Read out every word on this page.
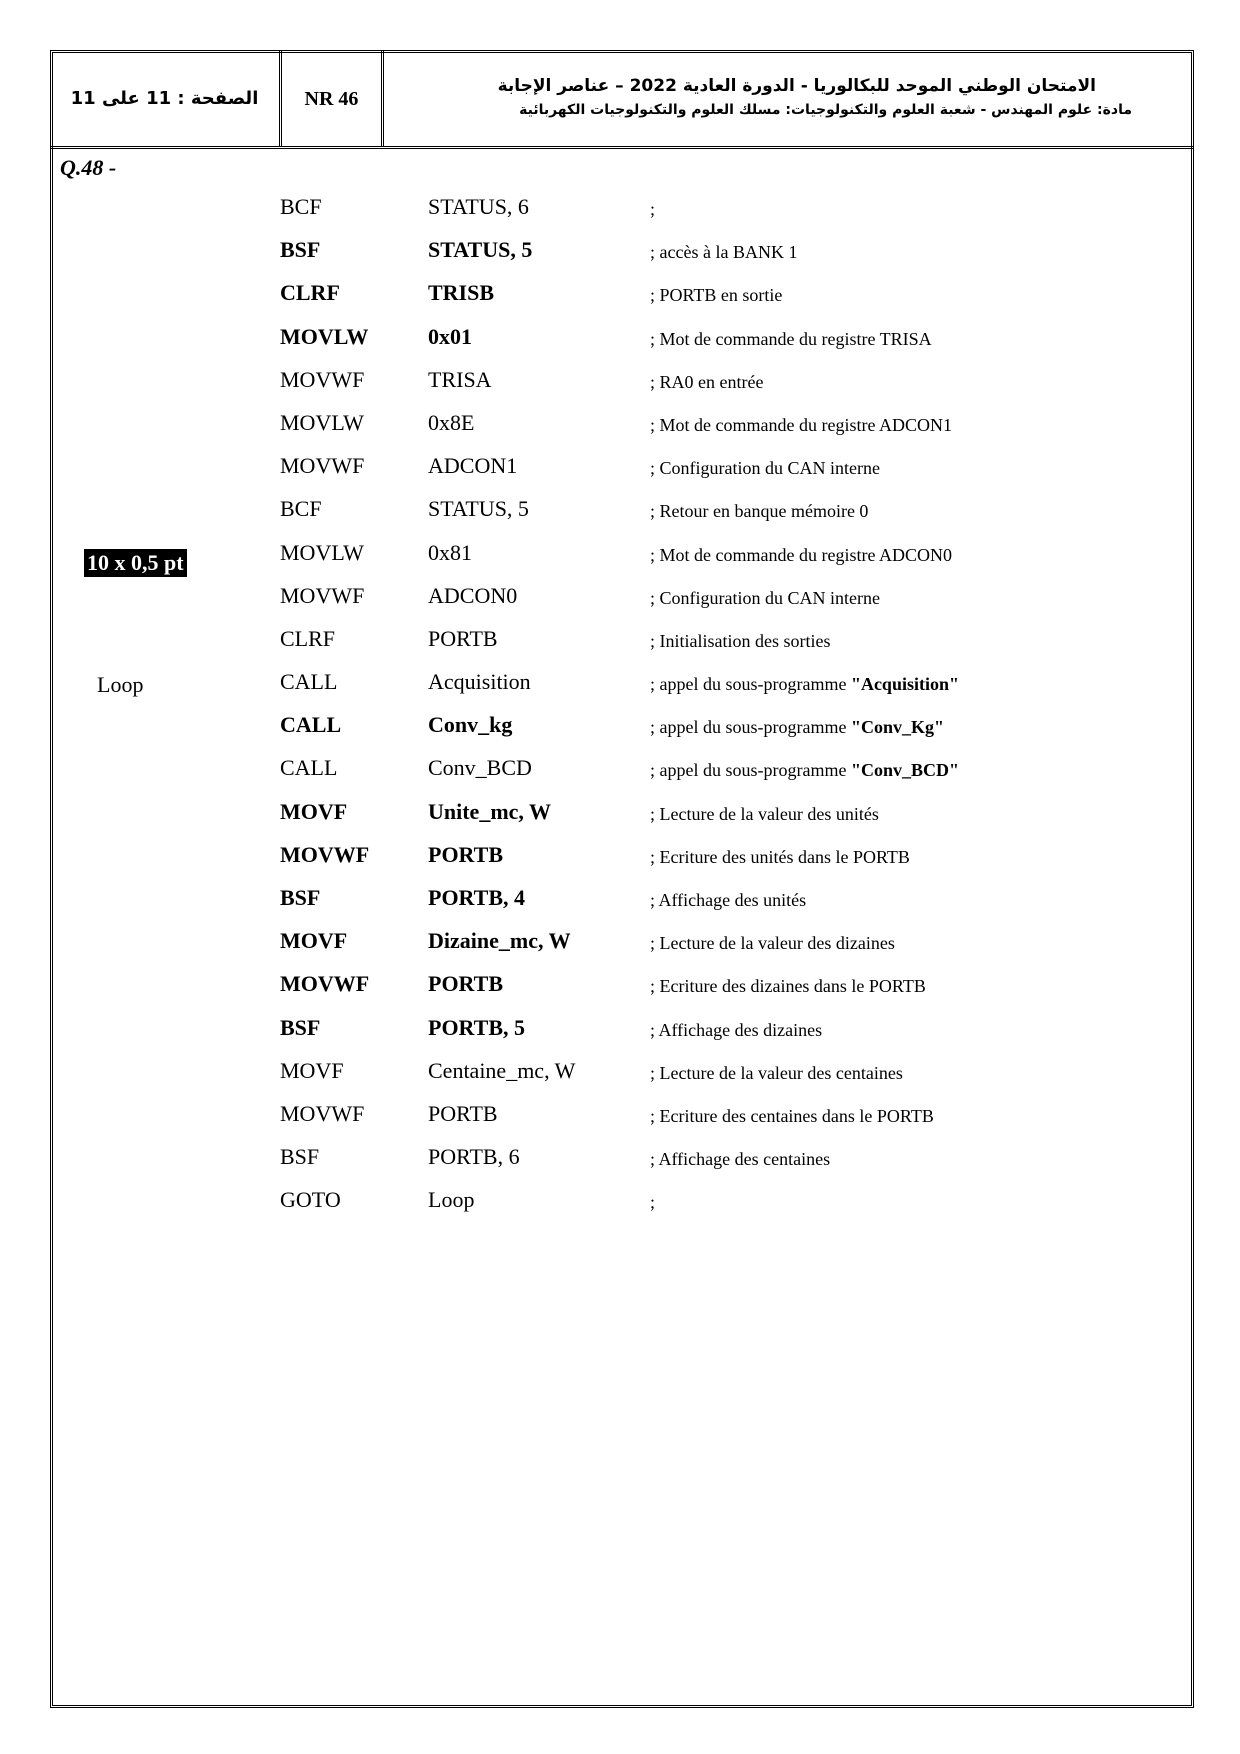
الصفحة : 11 على 11	NR 46
الامتحان الوطني الموحد للبكالوريا - الدورة العادية 2022 – عناصر الإجابة
مادة: علوم المهندس - شعبة العلوم والتكنولوجيات: مسلك العلوم والتكنولوجيات الكهربائية
Q.48 -
10 x 0,5 pt
Loop
BCF	STATUS, 6	;
BSF	STATUS, 5	; accès à la BANK 1
CLRF	TRISB	; PORTB en sortie
MOVLW	0x01	; Mot de commande du registre TRISA
MOVWF	TRISA	; RA0 en entrée
MOVLW	0x8E	; Mot de commande du registre ADCON1
MOVWF	ADCON1	; Configuration du CAN interne
BCF	STATUS, 5	; Retour en banque mémoire 0
MOVLW	0x81	; Mot de commande du registre ADCON0
MOVWF	ADCON0	; Configuration du CAN interne
CLRF	PORTB	; Initialisation des sorties
CALL	Acquisition	; appel du sous-programme "Acquisition"
CALL	Conv_kg	; appel du sous-programme "Conv_Kg"
CALL	Conv_BCD	; appel du sous-programme "Conv_BCD"
MOVF	Unite_mc, W	; Lecture de la valeur des unités
MOVWF	PORTB	; Ecriture des unités dans le PORTB
BSF	PORTB, 4	; Affichage des unités
MOVF	Dizaine_mc, W	; Lecture de la valeur des dizaines
MOVWF	PORTB	; Ecriture des dizaines dans le PORTB
BSF	PORTB, 5	; Affichage des dizaines
MOVF	Centaine_mc, W	; Lecture de la valeur des centaines
MOVWF	PORTB	; Ecriture des centaines dans le PORTB
BSF	PORTB, 6	; Affichage des centaines
GOTO	Loop	;
